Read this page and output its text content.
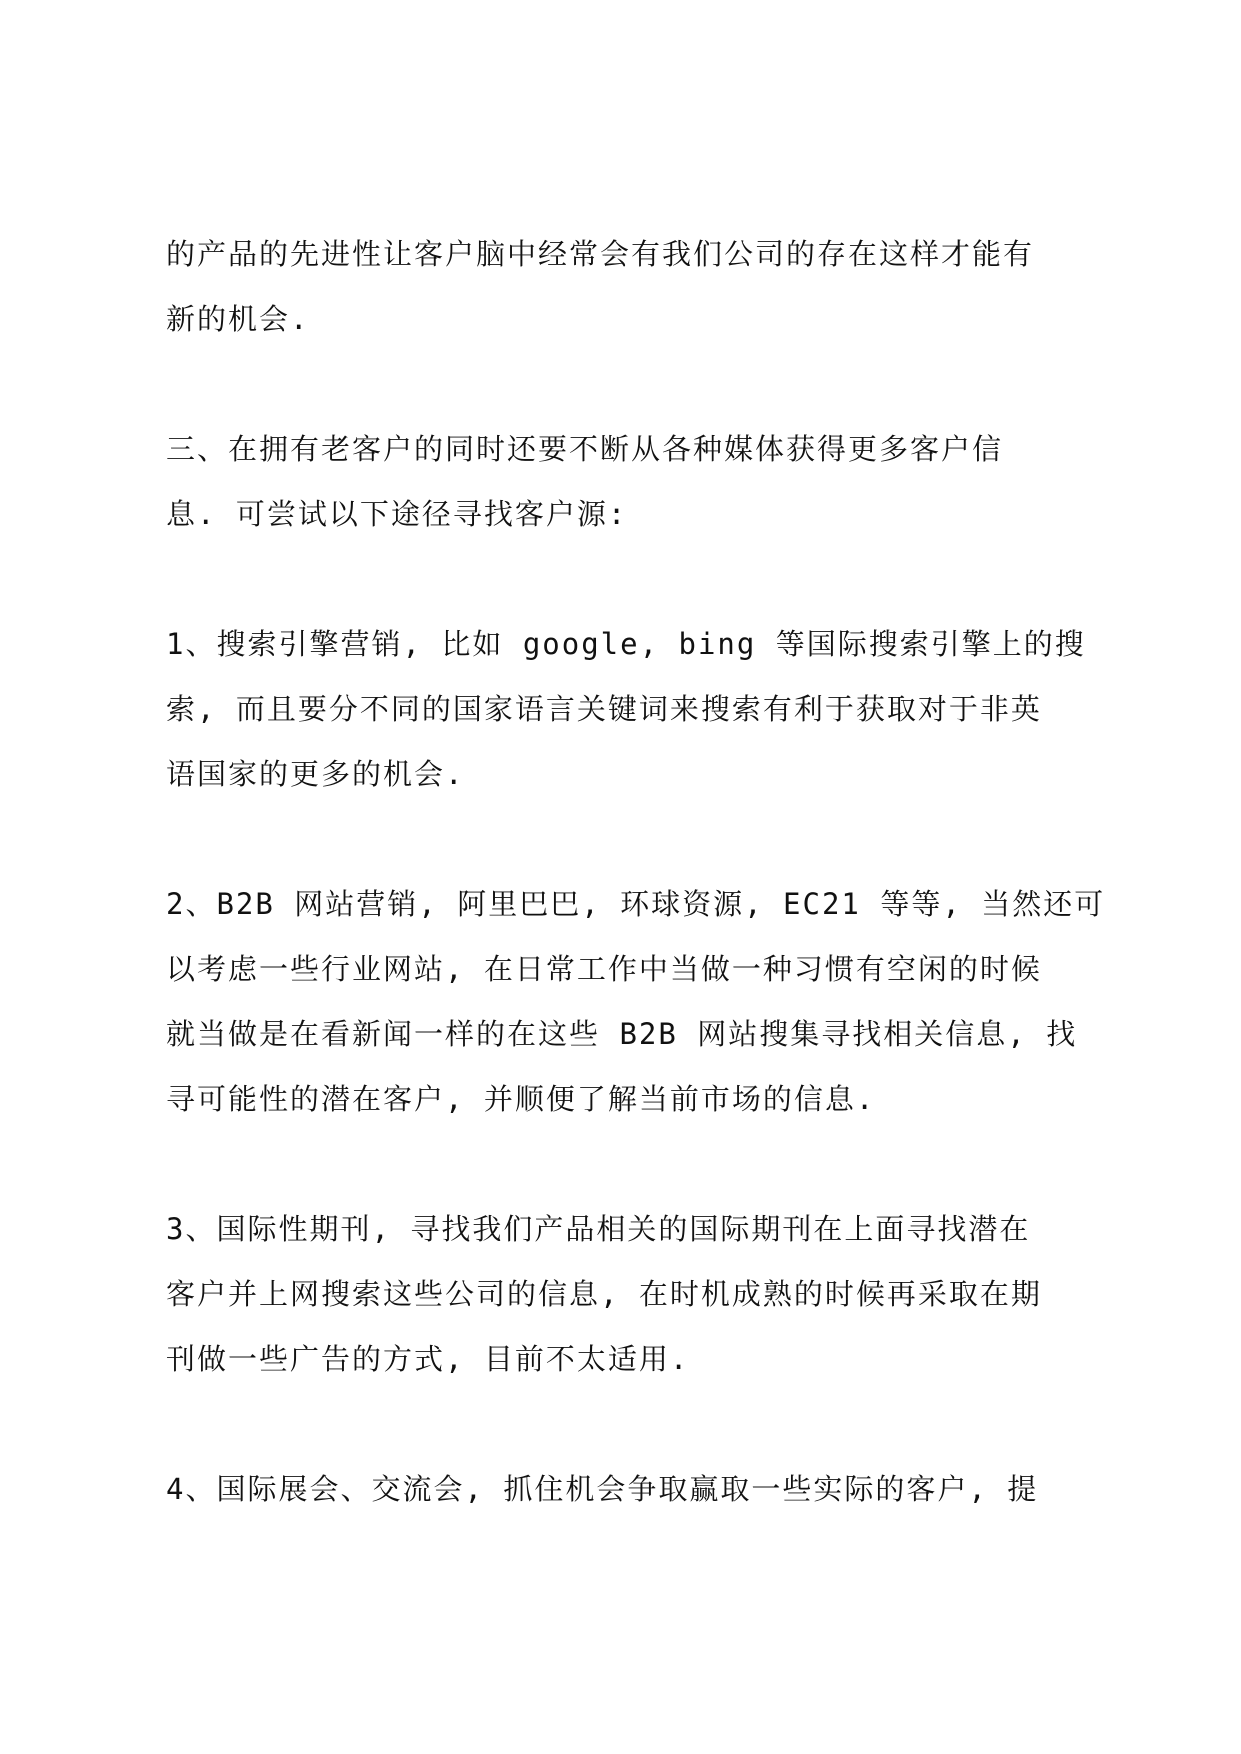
的产品的先进性让客户脑中经常会有我们公司的存在这样才能有
新的机会.

三、在拥有老客户的同时还要不断从各种媒体获得更多客户信
息. 可尝试以下途径寻找客户源:

1、搜索引擎营销, 比如 google, bing 等国际搜索引擎上的搜
索, 而且要分不同的国家语言关键词来搜索有利于获取对于非英
语国家的更多的机会.

2、B2B 网站营销, 阿里巴巴, 环球资源, EC21 等等, 当然还可
以考虑一些行业网站, 在日常工作中当做一种习惯有空闲的时候
就当做是在看新闻一样的在这些 B2B 网站搜集寻找相关信息, 找
寻可能性的潜在客户, 并顺便了解当前市场的信息.

3、国际性期刊, 寻找我们产品相关的国际期刊在上面寻找潜在
客户并上网搜索这些公司的信息, 在时机成熟的时候再采取在期
刊做一些广告的方式, 目前不太适用.

4、国际展会、交流会, 抓住机会争取赢取一些实际的客户, 提
